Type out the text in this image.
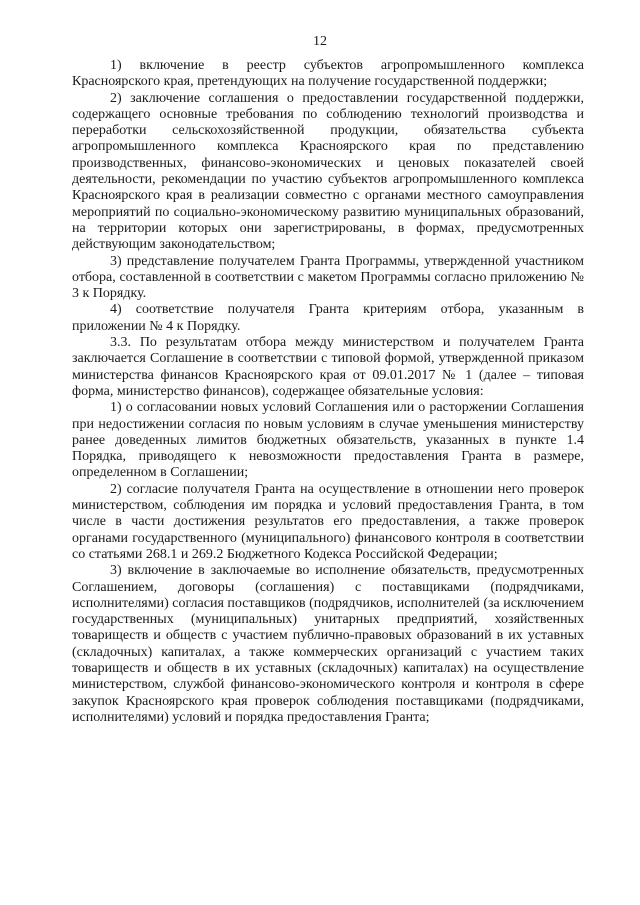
12

1) включение в реестр субъектов агропромышленного комплекса Красноярского края, претендующих на получение государственной поддержки;

2) заключение соглашения о предоставлении государственной поддержки, содержащего основные требования по соблюдению технологий производства и переработки сельскохозяйственной продукции, обязательства субъекта агропромышленного комплекса Красноярского края по представлению производственных, финансово-экономических и ценовых показателей своей деятельности, рекомендации по участию субъектов агропромышленного комплекса Красноярского края в реализации совместно с органами местного самоуправления мероприятий по социально-экономическому развитию муниципальных образований, на территории которых они зарегистрированы, в формах, предусмотренных действующим законодательством;

3) представление получателем Гранта Программы, утвержденной участником отбора, составленной в соответствии с макетом Программы согласно приложению № 3 к Порядку.

4) соответствие получателя Гранта критериям отбора, указанным в приложении № 4 к Порядку.

3.3. По результатам отбора между министерством и получателем Гранта заключается Соглашение в соответствии с типовой формой, утвержденной приказом министерства финансов Красноярского края от 09.01.2017 № 1 (далее – типовая форма, министерство финансов), содержащее обязательные условия:

1) о согласовании новых условий Соглашения или о расторжении Соглашения при недостижении согласия по новым условиям в случае уменьшения министерству ранее доведенных лимитов бюджетных обязательств, указанных в пункте 1.4 Порядка, приводящего к невозможности предоставления Гранта в размере, определенном в Соглашении;

2) согласие получателя Гранта на осуществление в отношении него проверок министерством, соблюдения им порядка и условий предоставления Гранта, в том числе в части достижения результатов его предоставления, а также проверок органами государственного (муниципального) финансового контроля в соответствии со статьями 268.1 и 269.2 Бюджетного Кодекса Российской Федерации;

3) включение в заключаемые во исполнение обязательств, предусмотренных Соглашением, договоры (соглашения) с поставщиками (подрядчиками, исполнителями) согласия поставщиков (подрядчиков, исполнителей (за исключением государственных (муниципальных) унитарных предприятий, хозяйственных товариществ и обществ с участием публично-правовых образований в их уставных (складочных) капиталах, а также коммерческих организаций с участием таких товариществ и обществ в их уставных (складочных) капиталах) на осуществление министерством, службой финансово-экономического контроля и контроля в сфере закупок Красноярского края проверок соблюдения поставщиками (подрядчиками, исполнителями) условий и порядка предоставления Гранта;
